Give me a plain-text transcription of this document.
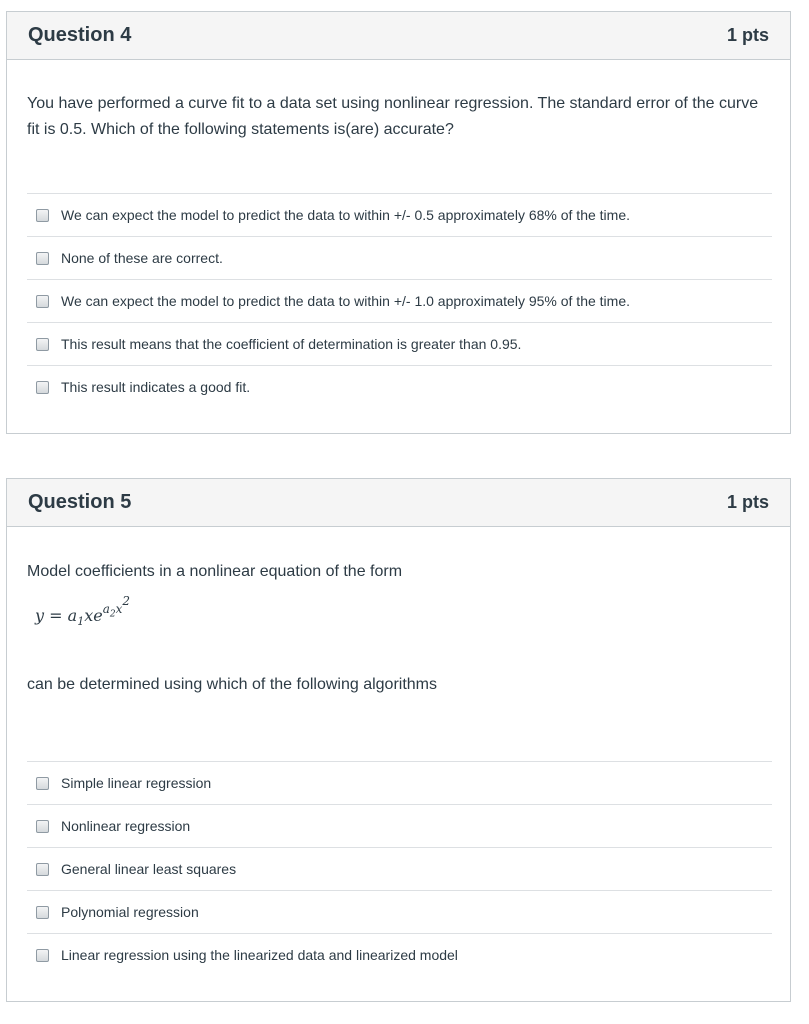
Question 4	1 pts

You have performed a curve fit to a data set using nonlinear regression. The standard error of the curve fit is 0.5. Which of the following statements is(are) accurate?

We can expect the model to predict the data to within +/- 0.5 approximately 68% of the time.
None of these are correct.
We can expect the model to predict the data to within +/- 1.0 approximately 95% of the time.
This result means that the coefficient of determination is greater than 0.95.
This result indicates a good fit.
Question 5	1 pts

Model coefficients in a nonlinear equation of the form

$y = a_1xe^{a_2x^2}$

can be determined using which of the following algorithms

Simple linear regression
Nonlinear regression
General linear least squares
Polynomial regression
Linear regression using the linearized data and linearized model
